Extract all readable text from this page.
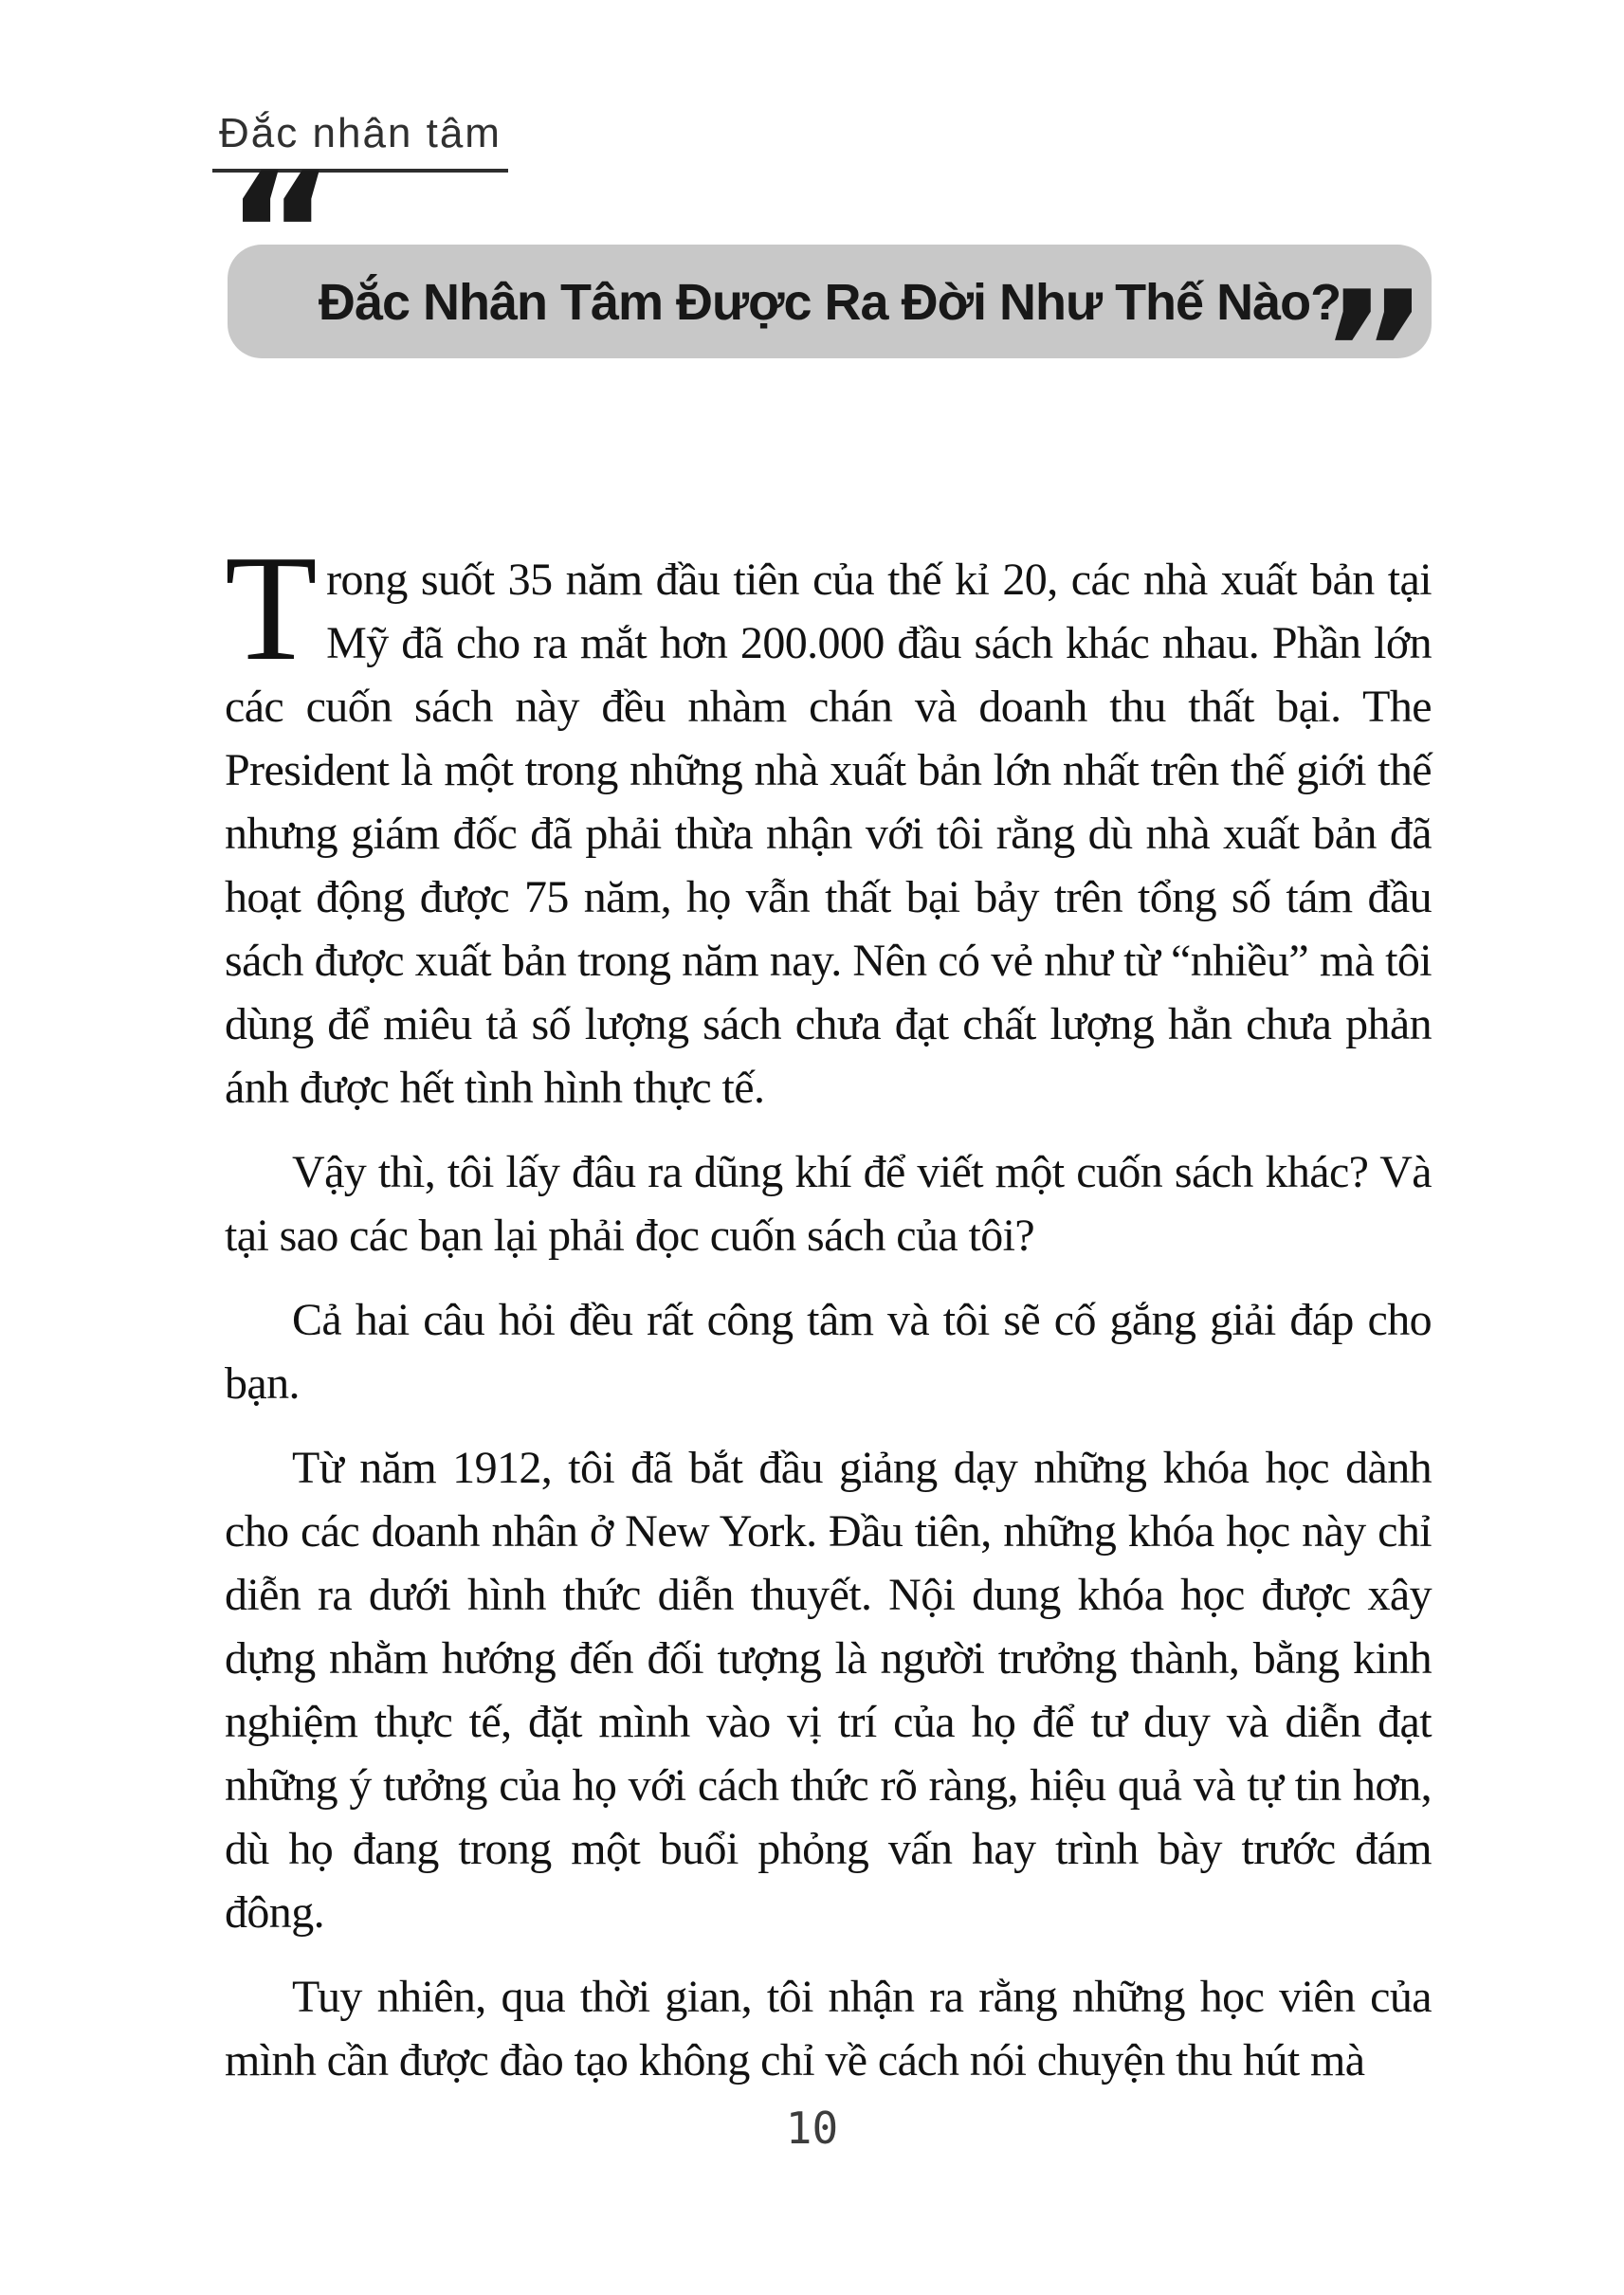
Đắc nhân tâm
Đắc Nhân Tâm Được Ra Đời Như Thế Nào?
“
”

Trong suốt 35 năm đầu tiên của thế kỉ 20, các nhà xuất bản tại Mỹ đã cho ra mắt hơn 200.000 đầu sách khác nhau. Phần lớn các cuốn sách này đều nhàm chán và doanh thu thất bại. The President là một trong những nhà xuất bản lớn nhất trên thế giới thế nhưng giám đốc đã phải thừa nhận với tôi rằng dù nhà xuất bản đã hoạt động được 75 năm, họ vẫn thất bại bảy trên tổng số tám đầu sách được xuất bản trong năm nay. Nên có vẻ như từ “nhiều” mà tôi dùng để miêu tả số lượng sách chưa đạt chất lượng hẳn chưa phản ánh được hết tình hình thực tế.

Vậy thì, tôi lấy đâu ra dũng khí để viết một cuốn sách khác? Và tại sao các bạn lại phải đọc cuốn sách của tôi?

Cả hai câu hỏi đều rất công tâm và tôi sẽ cố gắng giải đáp cho bạn.

Từ năm 1912, tôi đã bắt đầu giảng dạy những khóa học dành cho các doanh nhân ở New York. Đầu tiên, những khóa học này chỉ diễn ra dưới hình thức diễn thuyết. Nội dung khóa học được xây dựng nhằm hướng đến đối tượng là người trưởng thành, bằng kinh nghiệm thực tế, đặt mình vào vị trí của họ để tư duy và diễn đạt những ý tưởng của họ với cách thức rõ ràng, hiệu quả và tự tin hơn, dù họ đang trong một buổi phỏng vấn hay trình bày trước đám đông.

Tuy nhiên, qua thời gian, tôi nhận ra rằng những học viên của mình cần được đào tạo không chỉ về cách nói chuyện thu hút mà

10
